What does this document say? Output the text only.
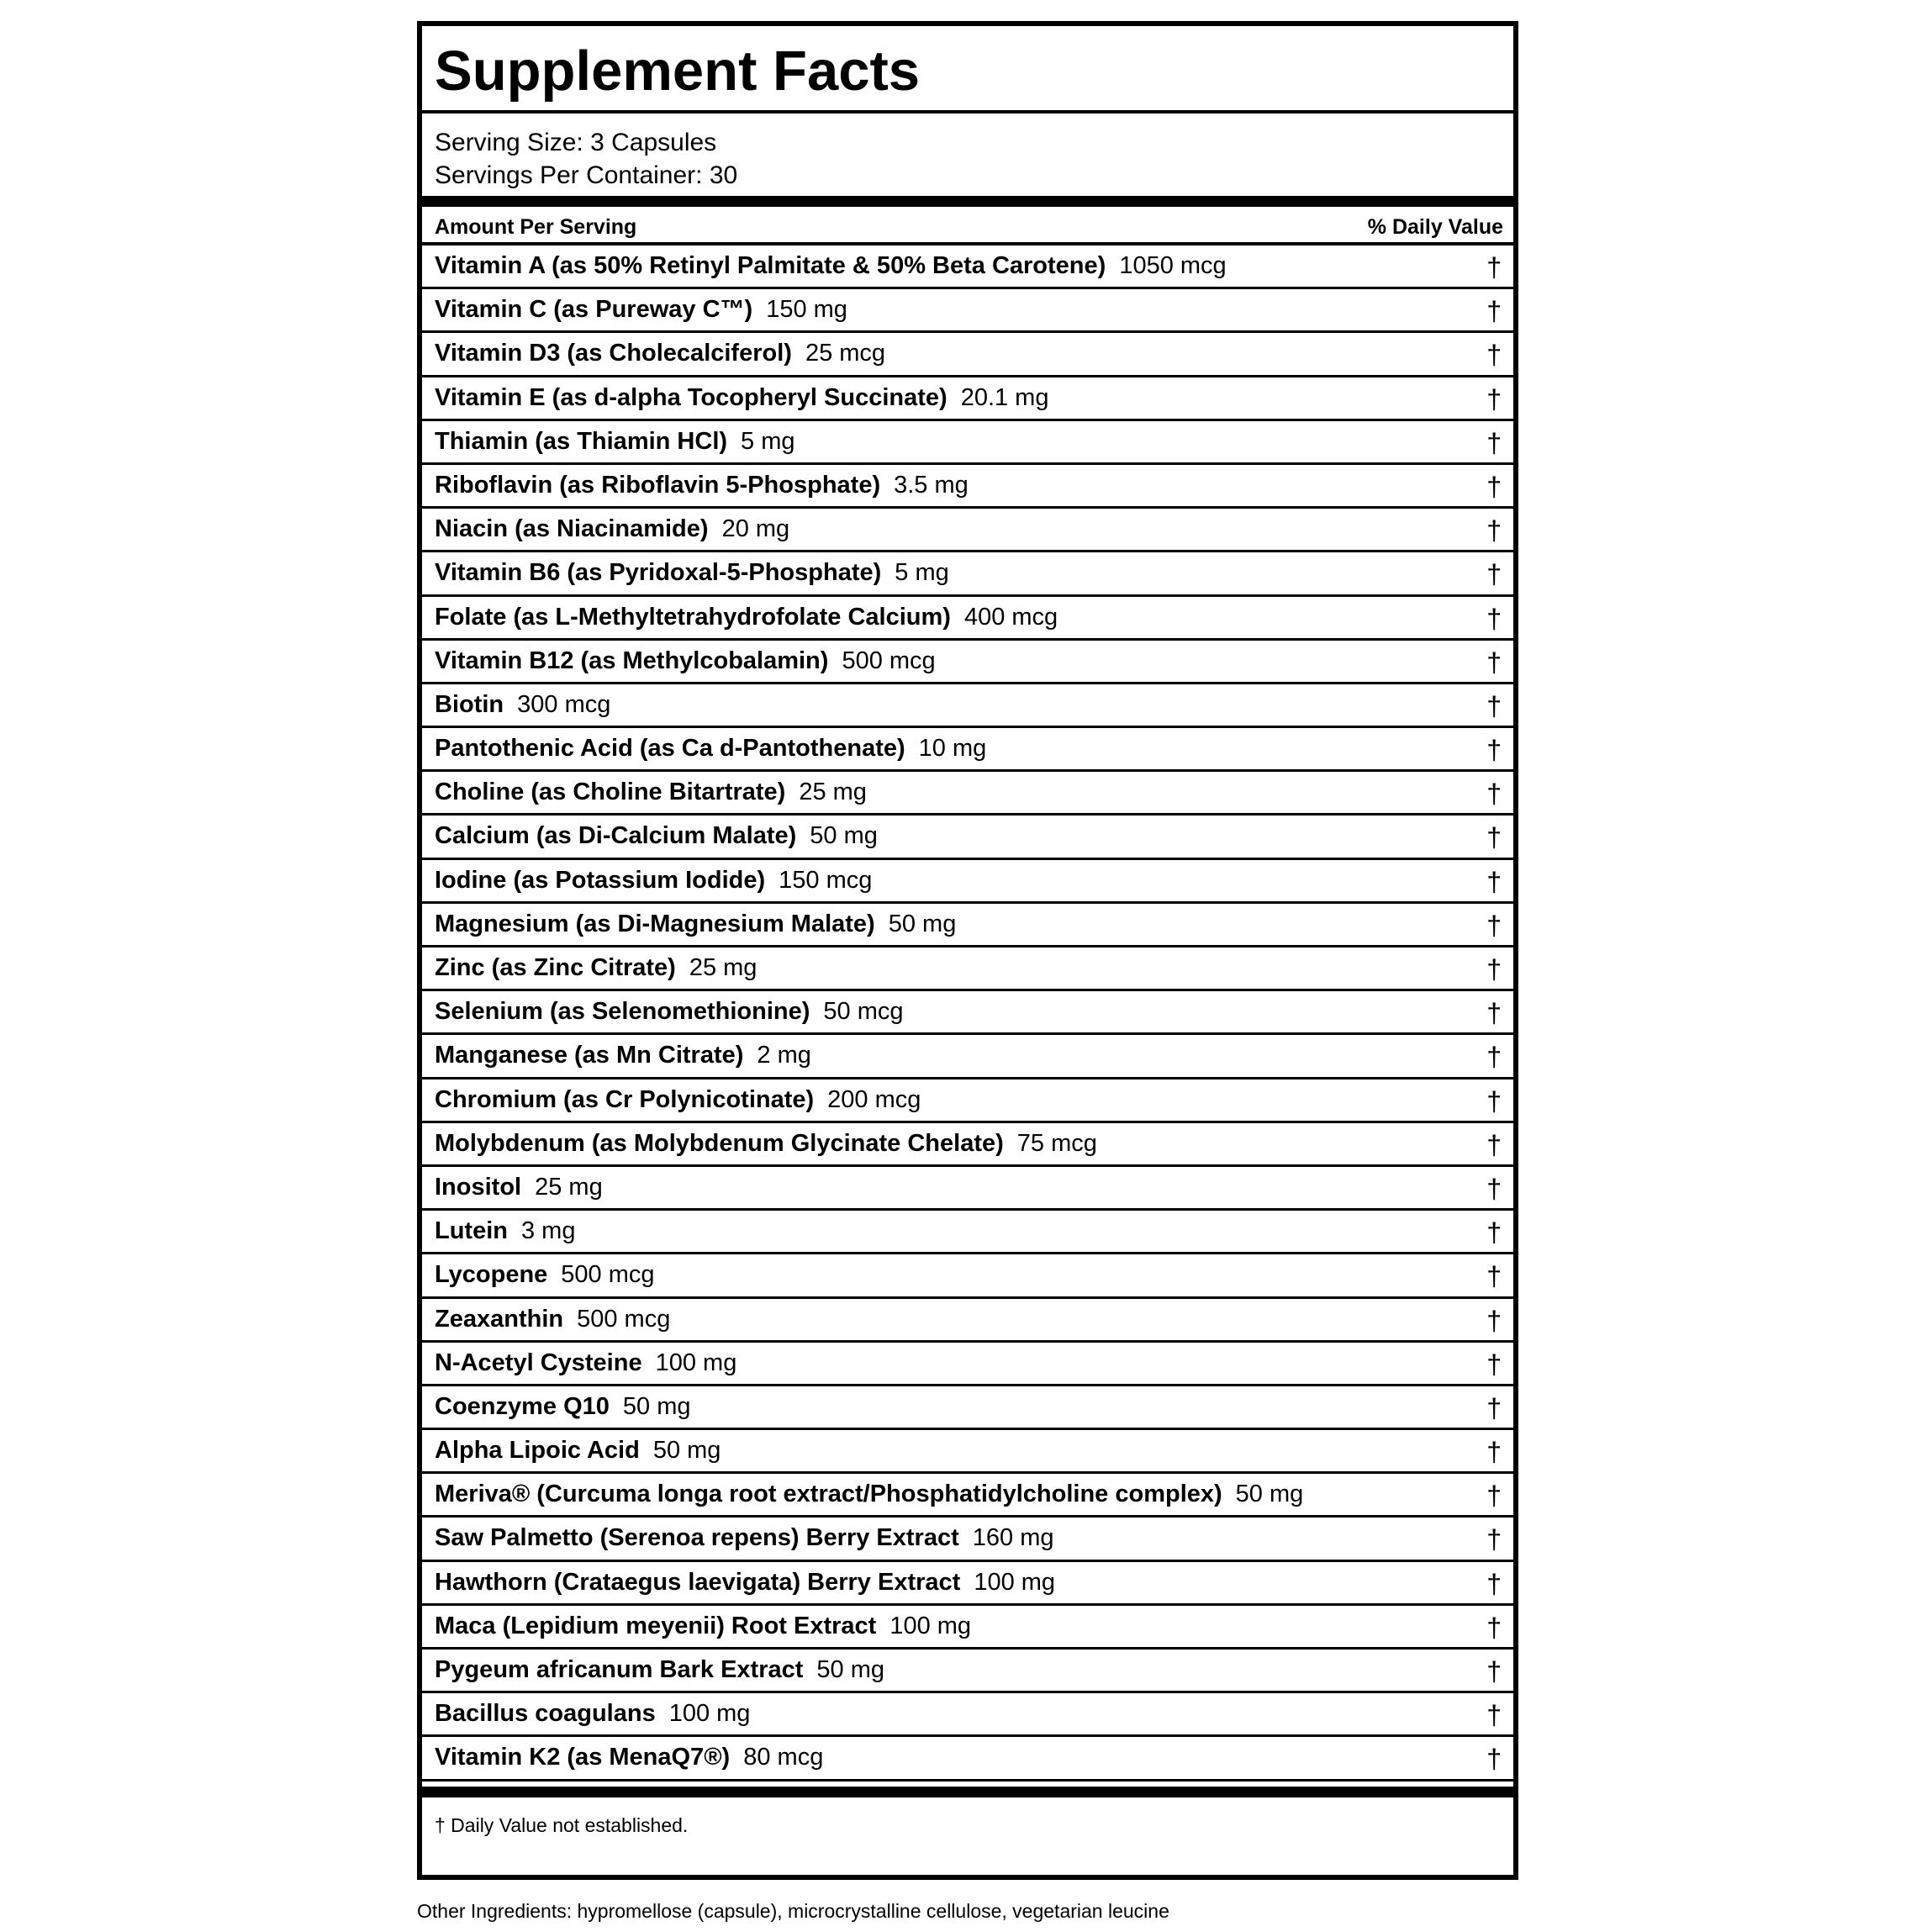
Supplement Facts
Serving Size: 3 Capsules
Servings Per Container: 30
Amount Per Serving	% Daily Value
Vitamin A (as 50% Retinyl Palmitate & 50% Beta Carotene) 1050 mcg	†
Vitamin C (as Pureway C™) 150 mg	†
Vitamin D3 (as Cholecalciferol) 25 mcg	†
Vitamin E (as d-alpha Tocopheryl Succinate) 20.1 mg	†
Thiamin (as Thiamin HCl) 5 mg	†
Riboflavin (as Riboflavin 5-Phosphate) 3.5 mg	†
Niacin (as Niacinamide) 20 mg	†
Vitamin B6 (as Pyridoxal-5-Phosphate) 5 mg	†
Folate (as L-Methyltetrahydrofolate Calcium) 400 mcg	†
Vitamin B12 (as Methylcobalamin) 500 mcg	†
Biotin 300 mcg	†
Pantothenic Acid (as Ca d-Pantothenate) 10 mg	†
Choline (as Choline Bitartrate) 25 mg	†
Calcium (as Di-Calcium Malate) 50 mg	†
Iodine (as Potassium Iodide) 150 mcg	†
Magnesium (as Di-Magnesium Malate) 50 mg	†
Zinc (as Zinc Citrate) 25 mg	†
Selenium (as Selenomethionine) 50 mcg	†
Manganese (as Mn Citrate) 2 mg	†
Chromium (as Cr Polynicotinate) 200 mcg	†
Molybdenum (as Molybdenum Glycinate Chelate) 75 mcg	†
Inositol 25 mg	†
Lutein 3 mg	†
Lycopene 500 mcg	†
Zeaxanthin 500 mcg	†
N-Acetyl Cysteine 100 mg	†
Coenzyme Q10 50 mg	†
Alpha Lipoic Acid 50 mg	†
Meriva® (Curcuma longa root extract/Phosphatidylcholine complex) 50 mg	†
Saw Palmetto (Serenoa repens) Berry Extract 160 mg	†
Hawthorn (Crataegus laevigata) Berry Extract 100 mg	†
Maca (Lepidium meyenii) Root Extract 100 mg	†
Pygeum africanum Bark Extract 50 mg	†
Bacillus coagulans 100 mg	†
Vitamin K2 (as MenaQ7®) 80 mcg	†
† Daily Value not established.
Other Ingredients: hypromellose (capsule), microcrystalline cellulose, vegetarian leucine
